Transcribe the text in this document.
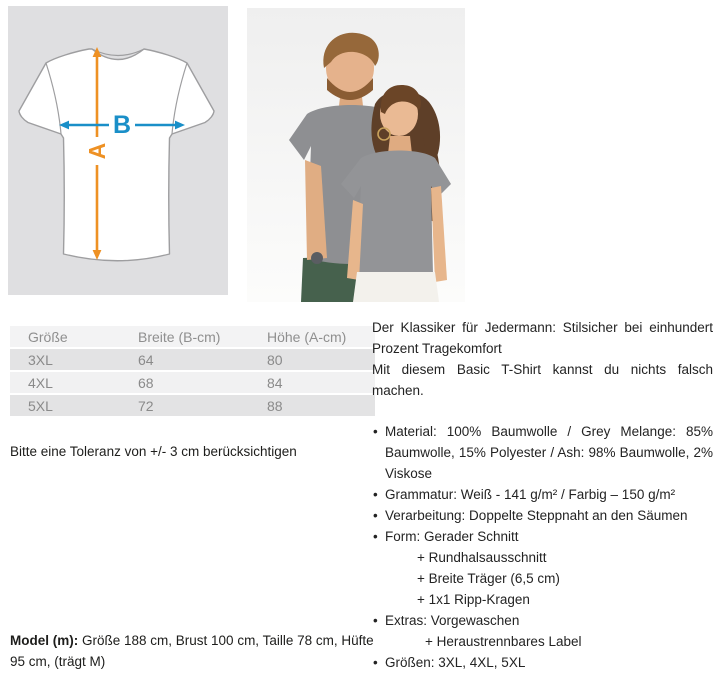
A
B
Größe	Breite (B-cm)	Höhe (A-cm)
3XL	64	80
4XL	68	84
5XL	72	88

Bitte eine Toleranz von +/- 3 cm berücksichtigen

Model (m): Größe 188 cm, Brust 100 cm, Taille 78 cm, Hüfte 95 cm, (trägt M)

Der Klassiker für Jedermann: Stilsicher bei einhundert Prozent Tragekomfort

Mit diesem Basic T-Shirt kannst du nichts falsch machen.

• Material: 100% Baumwolle / Grey Melange: 85% Baumwolle, 15% Polyester / Ash: 98% Baumwolle, 2% Viskose
• Grammatur: Weiß - 141 g/m² / Farbig – 150 g/m²
• Verarbeitung: Doppelte Steppnaht an den Säumen
• Form: Gerader Schnitt
+ Rundhalsausschnitt
+ Breite Träger (6,5 cm)
+ 1x1 Ripp-Kragen
• Extras: Vorgewaschen
+ Heraustrennbares Label
• Größen: 3XL, 4XL, 5XL
